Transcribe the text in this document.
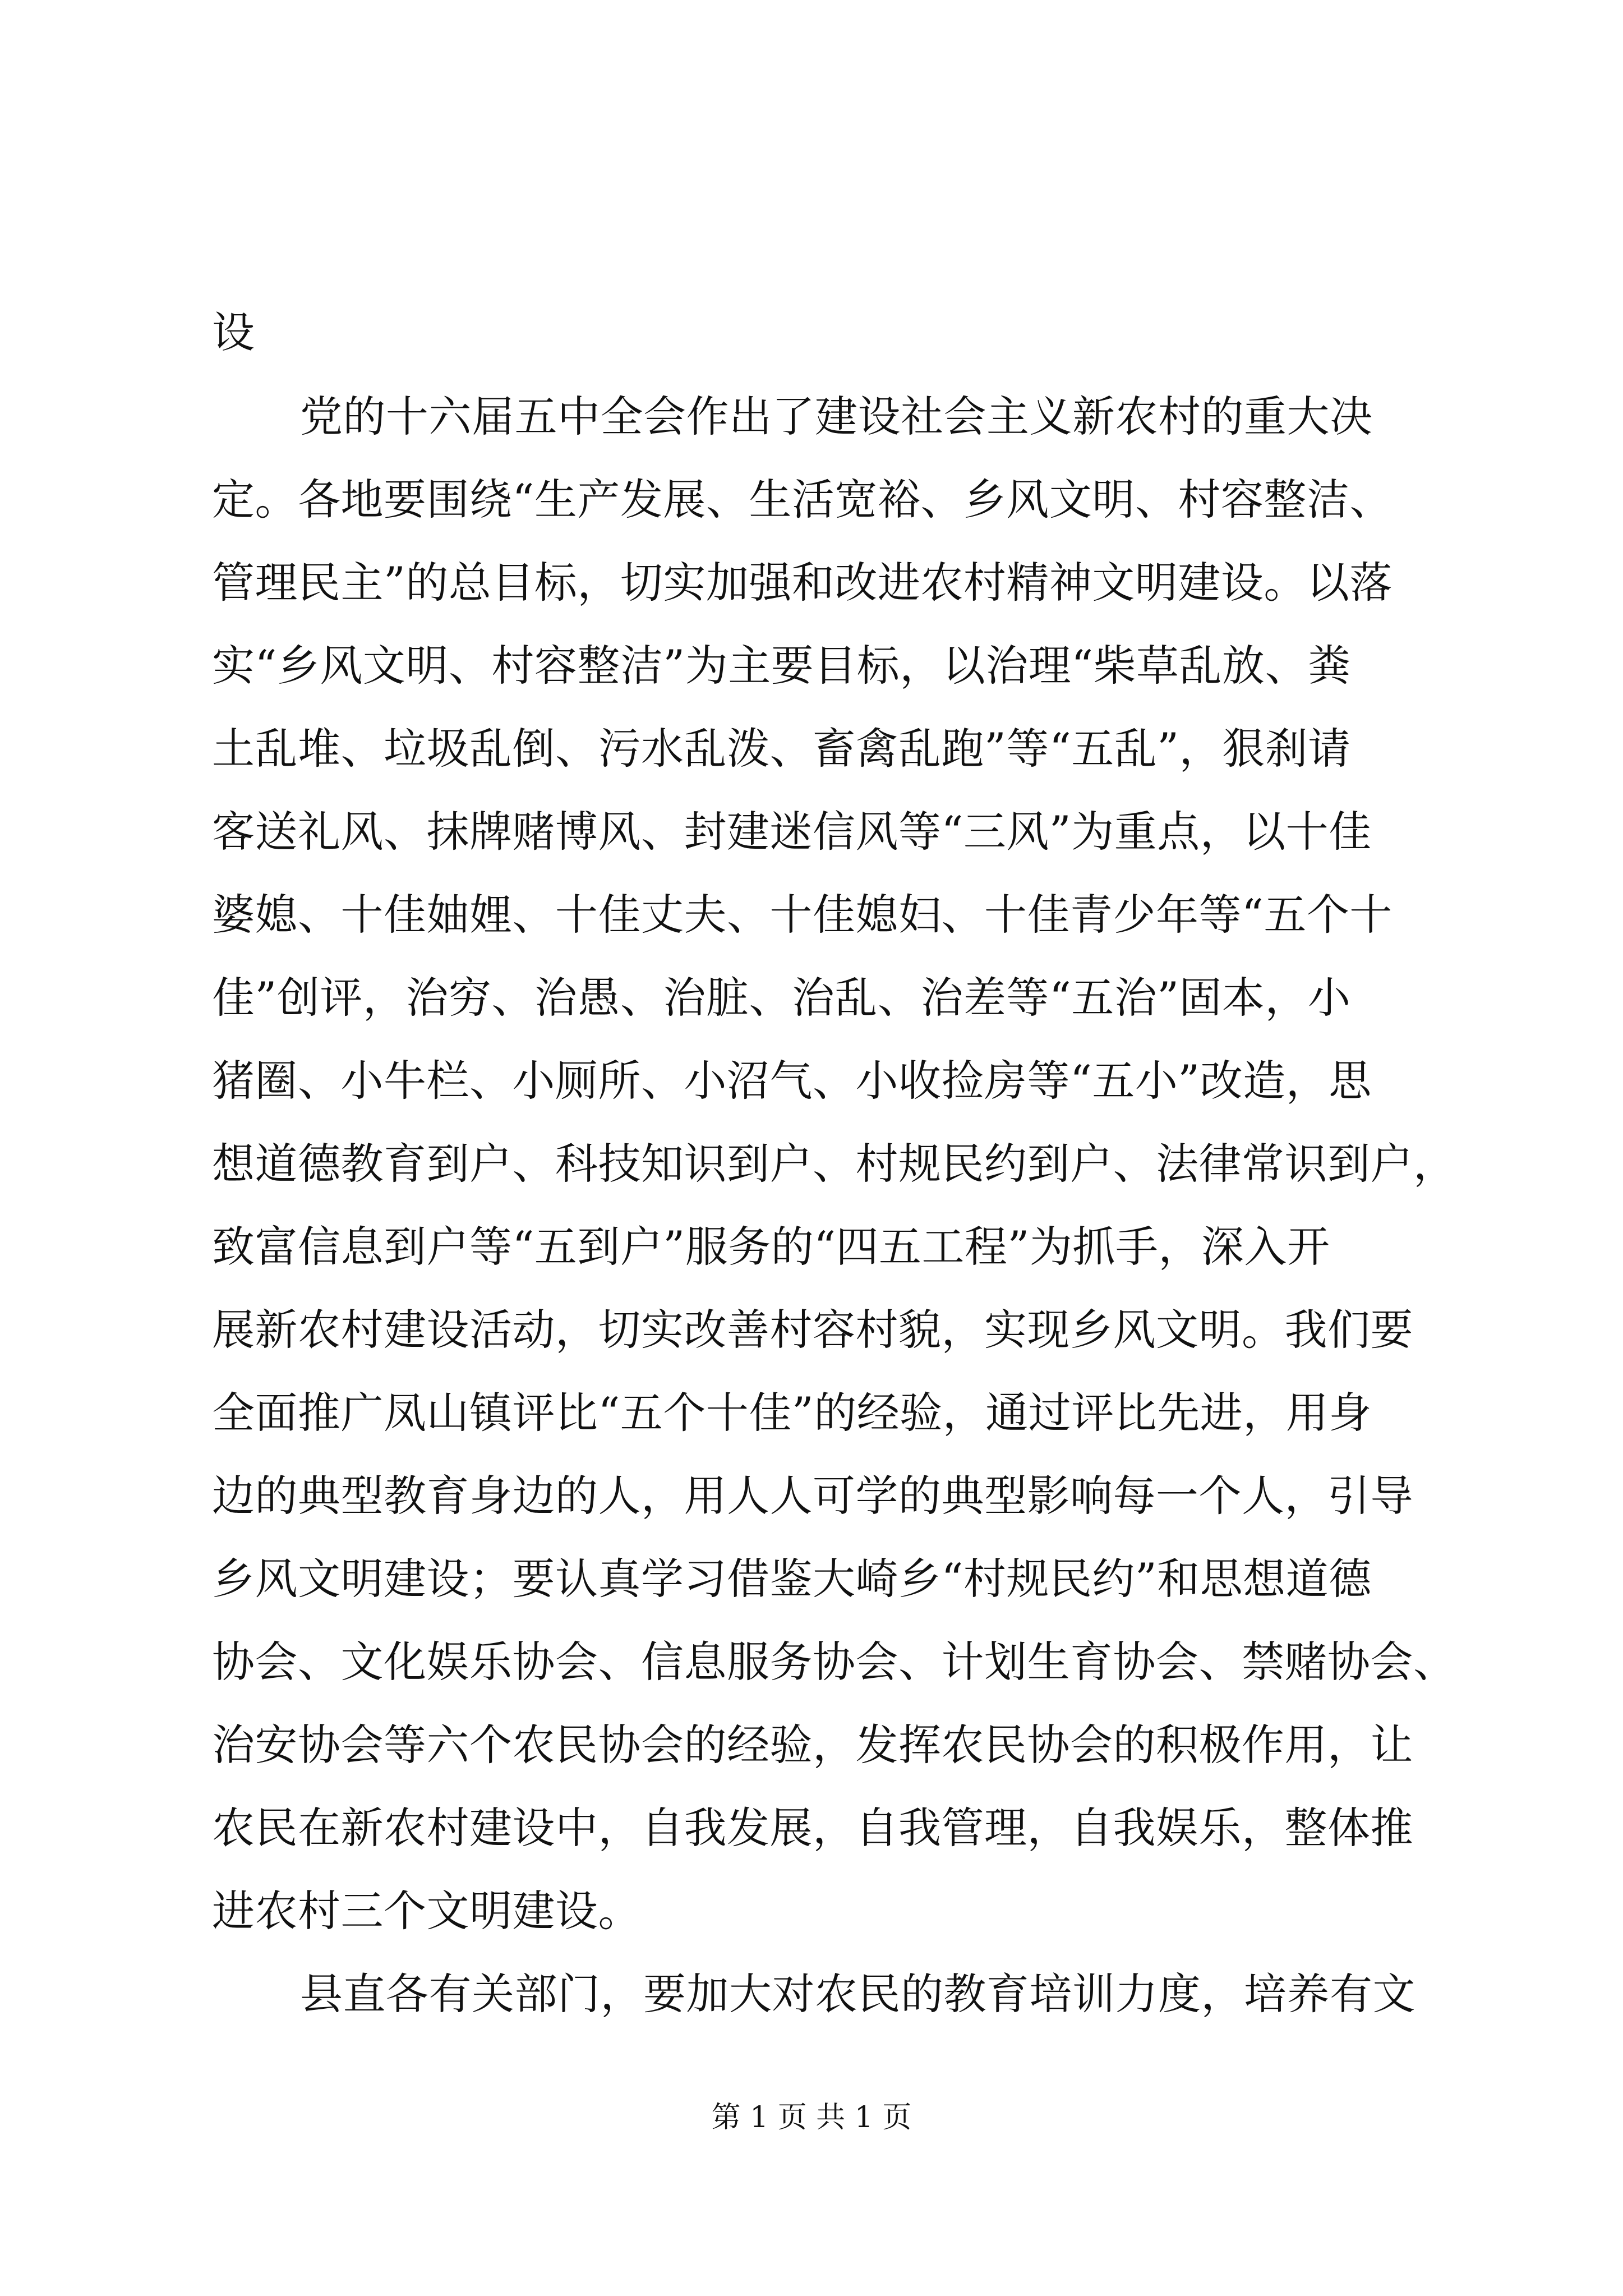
设
党的十六届五中全会作出了建设社会主义新农村的重大决
定。各地要围绕“生产发展、生活宽裕、乡风文明、村容整洁、
管理民主”的总目标，切实加强和改进农村精神文明建设。以落
实“乡风文明、村容整洁”为主要目标，以治理“柴草乱放、粪
土乱堆、垃圾乱倒、污水乱泼、畜禽乱跑”等“五乱”，狠刹请
客送礼风、抹牌赌博风、封建迷信风等“三风”为重点，以十佳
婆媳、十佳妯娌、十佳丈夫、十佳媳妇、十佳青少年等“五个十
佳”创评，治穷、治愚、治脏、治乱、治差等“五治”固本，小
猪圈、小牛栏、小厕所、小沼气、小收捡房等“五小”改造，思
想道德教育到户、科技知识到户、村规民约到户、法律常识到户，
致富信息到户等“五到户”服务的“四五工程”为抓手，深入开
展新农村建设活动，切实改善村容村貌，实现乡风文明。我们要
全面推广凤山镇评比“五个十佳”的经验，通过评比先进，用身
边的典型教育身边的人，用人人可学的典型影响每一个人，引导
乡风文明建设；要认真学习借鉴大崎乡“村规民约”和思想道德
协会、文化娱乐协会、信息服务协会、计划生育协会、禁赌协会、
治安协会等六个农民协会的经验，发挥农民协会的积极作用，让
农民在新农村建设中，自我发展，自我管理，自我娱乐，整体推
进农村三个文明建设。
县直各有关部门，要加大对农民的教育培训力度，培养有文
第 1 页 共 1 页
